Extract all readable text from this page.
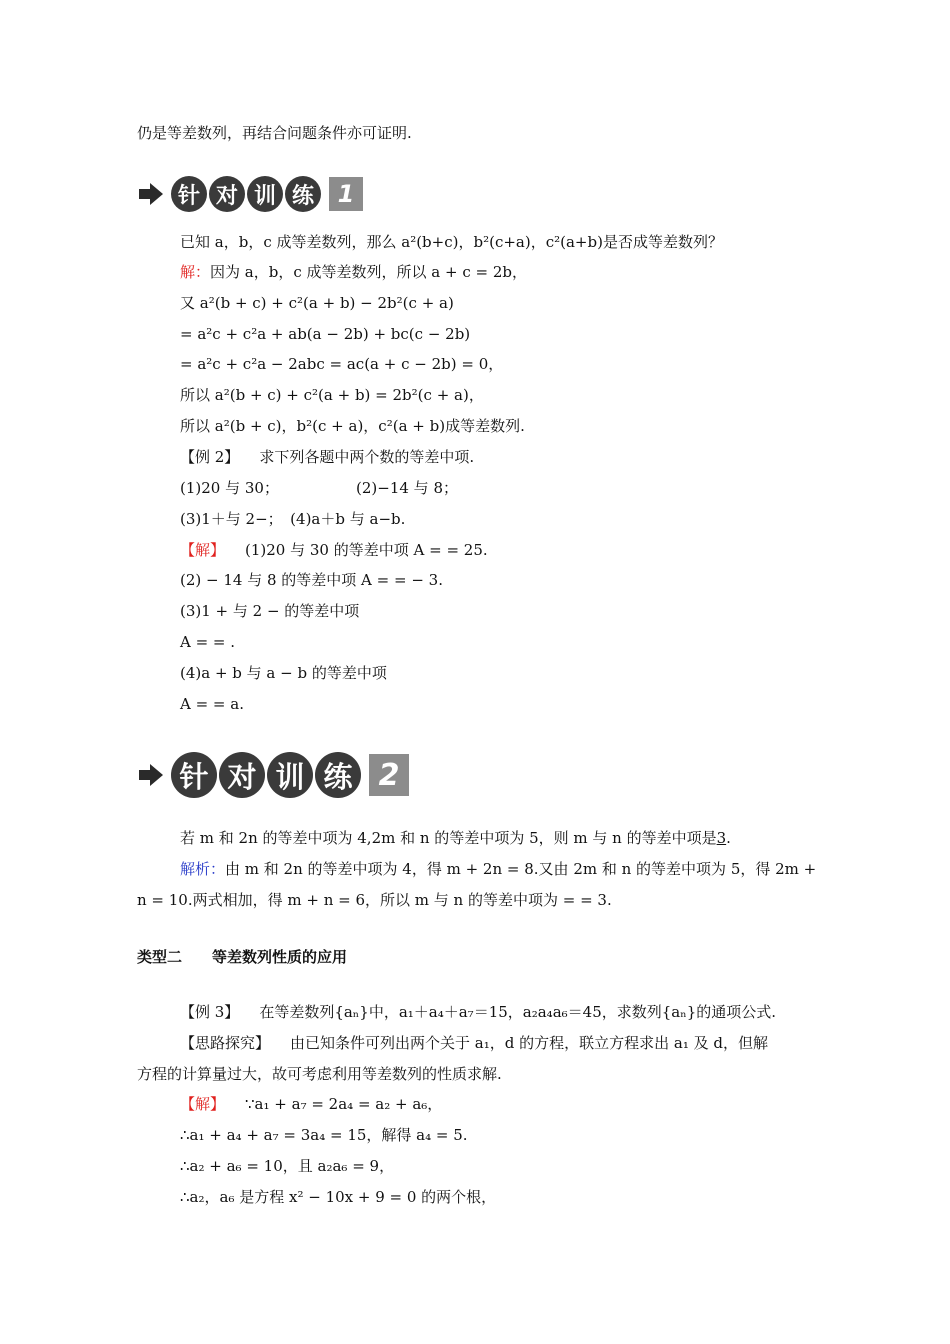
仍是等差数列，再结合问题条件亦可证明.
针 对 训 练 1
已知 a，b，c 成等差数列，那么 a²(b+c)，b²(c+a)，c²(a+b)是否成等差数列？
解：因为 a，b，c 成等差数列，所以 a + c = 2b，
又 a²(b + c) + c²(a + b) − 2b²(c + a)
= a²c + c²a + ab(a − 2b) + bc(c − 2b)
= a²c + c²a − 2abc = ac(a + c − 2b) = 0，
所以 a²(b + c) + c²(a + b) = 2b²(c + a)，
所以 a²(b + c)，b²(c + a)，c²(a + b)成等差数列.
【例 2】 求下列各题中两个数的等差中项.
(1)20 与 30；	(2)−14 与 8；
(3)1＋与 2−；　(4)a＋b 与 a−b.
【解】 (1)20 与 30 的等差中项 A = = 25.
(2) − 14 与 8 的等差中项 A = = − 3.
(3)1 + 与 2 − 的等差中项
A = = .
(4)a + b 与 a − b 的等差中项
A = = a.
针 对 训 练 2
若 m 和 2n 的等差中项为 4,2m 和 n 的等差中项为 5，则 m 与 n 的等差中项是3.
解析：由 m 和 2n 的等差中项为 4，得 m + 2n = 8.又由 2m 和 n 的等差中项为 5，得 2m +
n = 10.两式相加，得 m + n = 6，所以 m 与 n 的等差中项为 = = 3.
类型二 等差数列性质的应用
【例 3】 在等差数列{aₙ}中，a₁＋a₄＋a₇＝15，a₂a₄a₆＝45，求数列{aₙ}的通项公式.
【思路探究】 由已知条件可列出两个关于 a₁，d 的方程，联立方程求出 a₁ 及 d，但解
方程的计算量过大，故可考虑利用等差数列的性质求解.
【解】 ∵a₁ + a₇ = 2a₄ = a₂ + a₆，
∴a₁ + a₄ + a₇ = 3a₄ = 15，解得 a₄ = 5.
∴a₂ + a₆ = 10，且 a₂a₆ = 9，
∴a₂，a₆ 是方程 x² − 10x + 9 = 0 的两个根，
